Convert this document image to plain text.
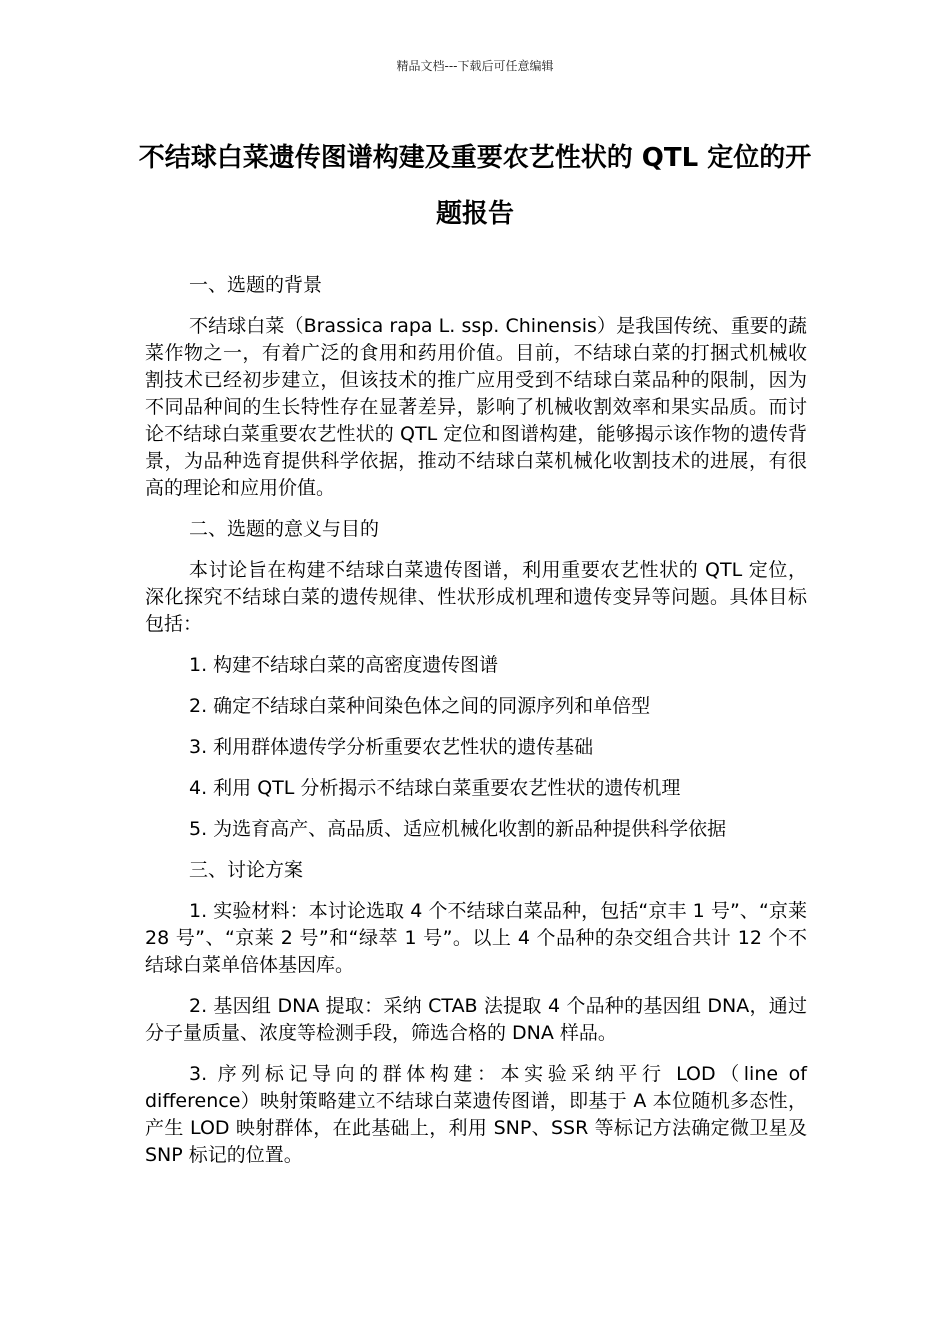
精品文档---下载后可任意编辑
不结球白菜遗传图谱构建及重要农艺性状的 QTL 定位的开题报告

一、选题的背景

不结球白菜（Brassica rapa L. ssp. Chinensis）是我国传统、重要的蔬菜作物之一，有着广泛的食用和药用价值。目前，不结球白菜的打捆式机械收割技术已经初步建立，但该技术的推广应用受到不结球白菜品种的限制，因为不同品种间的生长特性存在显著差异，影响了机械收割效率和果实品质。而讨论不结球白菜重要农艺性状的 QTL 定位和图谱构建，能够揭示该作物的遗传背景，为品种选育提供科学依据，推动不结球白菜机械化收割技术的进展，有很高的理论和应用价值。

二、选题的意义与目的

本讨论旨在构建不结球白菜遗传图谱，利用重要农艺性状的 QTL 定位，深化探究不结球白菜的遗传规律、性状形成机理和遗传变异等问题。具体目标包括：

1. 构建不结球白菜的高密度遗传图谱

2. 确定不结球白菜种间染色体之间的同源序列和单倍型

3. 利用群体遗传学分析重要农艺性状的遗传基础

4. 利用 QTL 分析揭示不结球白菜重要农艺性状的遗传机理

5. 为选育高产、高品质、适应机械化收割的新品种提供科学依据

三、讨论方案

1. 实验材料：本讨论选取 4 个不结球白菜品种，包括“京丰 1 号”、“京莱 28 号”、“京莱 2 号”和“绿萃 1 号”。以上 4 个品种的杂交组合共计 12 个不结球白菜单倍体基因库。

2. 基因组 DNA 提取：采纳 CTAB 法提取 4 个品种的基因组 DNA，通过分子量质量、浓度等检测手段，筛选合格的 DNA 样品。

3. 序列标记导向的群体构建：本实验采纳平行 LOD（line of difference）映射策略建立不结球白菜遗传图谱，即基于 A 本位随机多态性，产生 LOD 映射群体，在此基础上，利用 SNP、SSR 等标记方法确定微卫星及 SNP 标记的位置。
